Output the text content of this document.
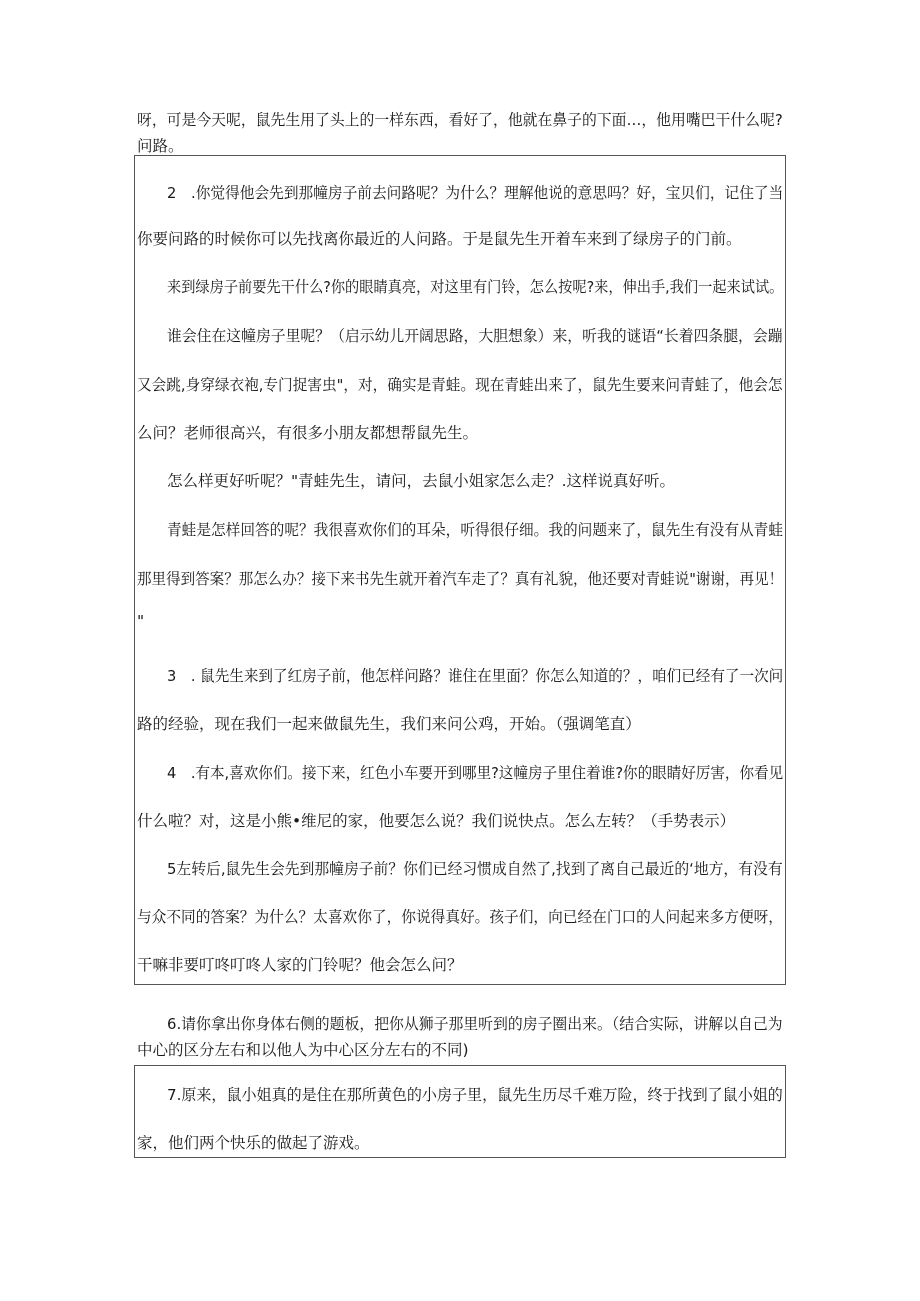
呀，可是今天呢，鼠先生用了头上的一样东西，看好了，他就在鼻子的下面…，他用嘴巴干什么呢?
问路。
2　.你觉得他会先到那幢房子前去问路呢？为什么？理解他说的意思吗？好，宝贝们，记住了当
你要问路的时候你可以先找离你最近的人问路。于是鼠先生开着车来到了绿房子的门前。
来到绿房子前要先干什么?你的眼睛真亮，对这里有门铃，怎么按呢?来，伸出手,我们一起来试试。
谁会住在这幢房子里呢？（启示幼儿开阔思路，大胆想象）来，听我的谜语“长着四条腿，会蹦
又会跳,身穿绿衣袍,专门捉害虫"，对，确实是青蛙。现在青蛙出来了，鼠先生要来问青蛙了，他会怎
么问？老师很高兴，有很多小朋友都想帮鼠先生。
怎么样更好听呢？"青蛙先生，请问，去鼠小姐家怎么走？.这样说真好听。
青蛙是怎样回答的呢？我很喜欢你们的耳朵，听得很仔细。我的问题来了，鼠先生有没有从青蛙
那里得到答案？那怎么办？接下来书先生就开着汽车走了？真有礼貌，他还要对青蛙说"谢谢，再见！
"
3　. 鼠先生来到了红房子前，他怎样问路？谁住在里面？你怎么知道的？，咱们已经有了一次问
路的经验，现在我们一起来做鼠先生，我们来问公鸡，开始。（强调笔直）
4　.有本,喜欢你们。接下来，红色小车要开到哪里?这幢房子里住着谁?你的眼睛好厉害，你看见
什么啦？对，这是小熊•维尼的家，他要怎么说？我们说快点。怎么左转？（手势表示）
5左转后,鼠先生会先到那幢房子前？你们已经习惯成自然了,找到了离自己最近的‘地方，有没有
与众不同的答案？为什么？太喜欢你了，你说得真好。孩子们，向已经在门口的人问起来多方便呀，
干嘛非要叮咚叮咚人家的门铃呢？他会怎么问？
6.请你拿出你身体右侧的题板，把你从狮子那里听到的房子圈出来。（结合实际，讲解以自己为
中心的区分左右和以他人为中心区分左右的不同)
7.原来，鼠小姐真的是住在那所黄色的小房子里，鼠先生历尽千难万险，终于找到了鼠小姐的
家，他们两个快乐的做起了游戏。
